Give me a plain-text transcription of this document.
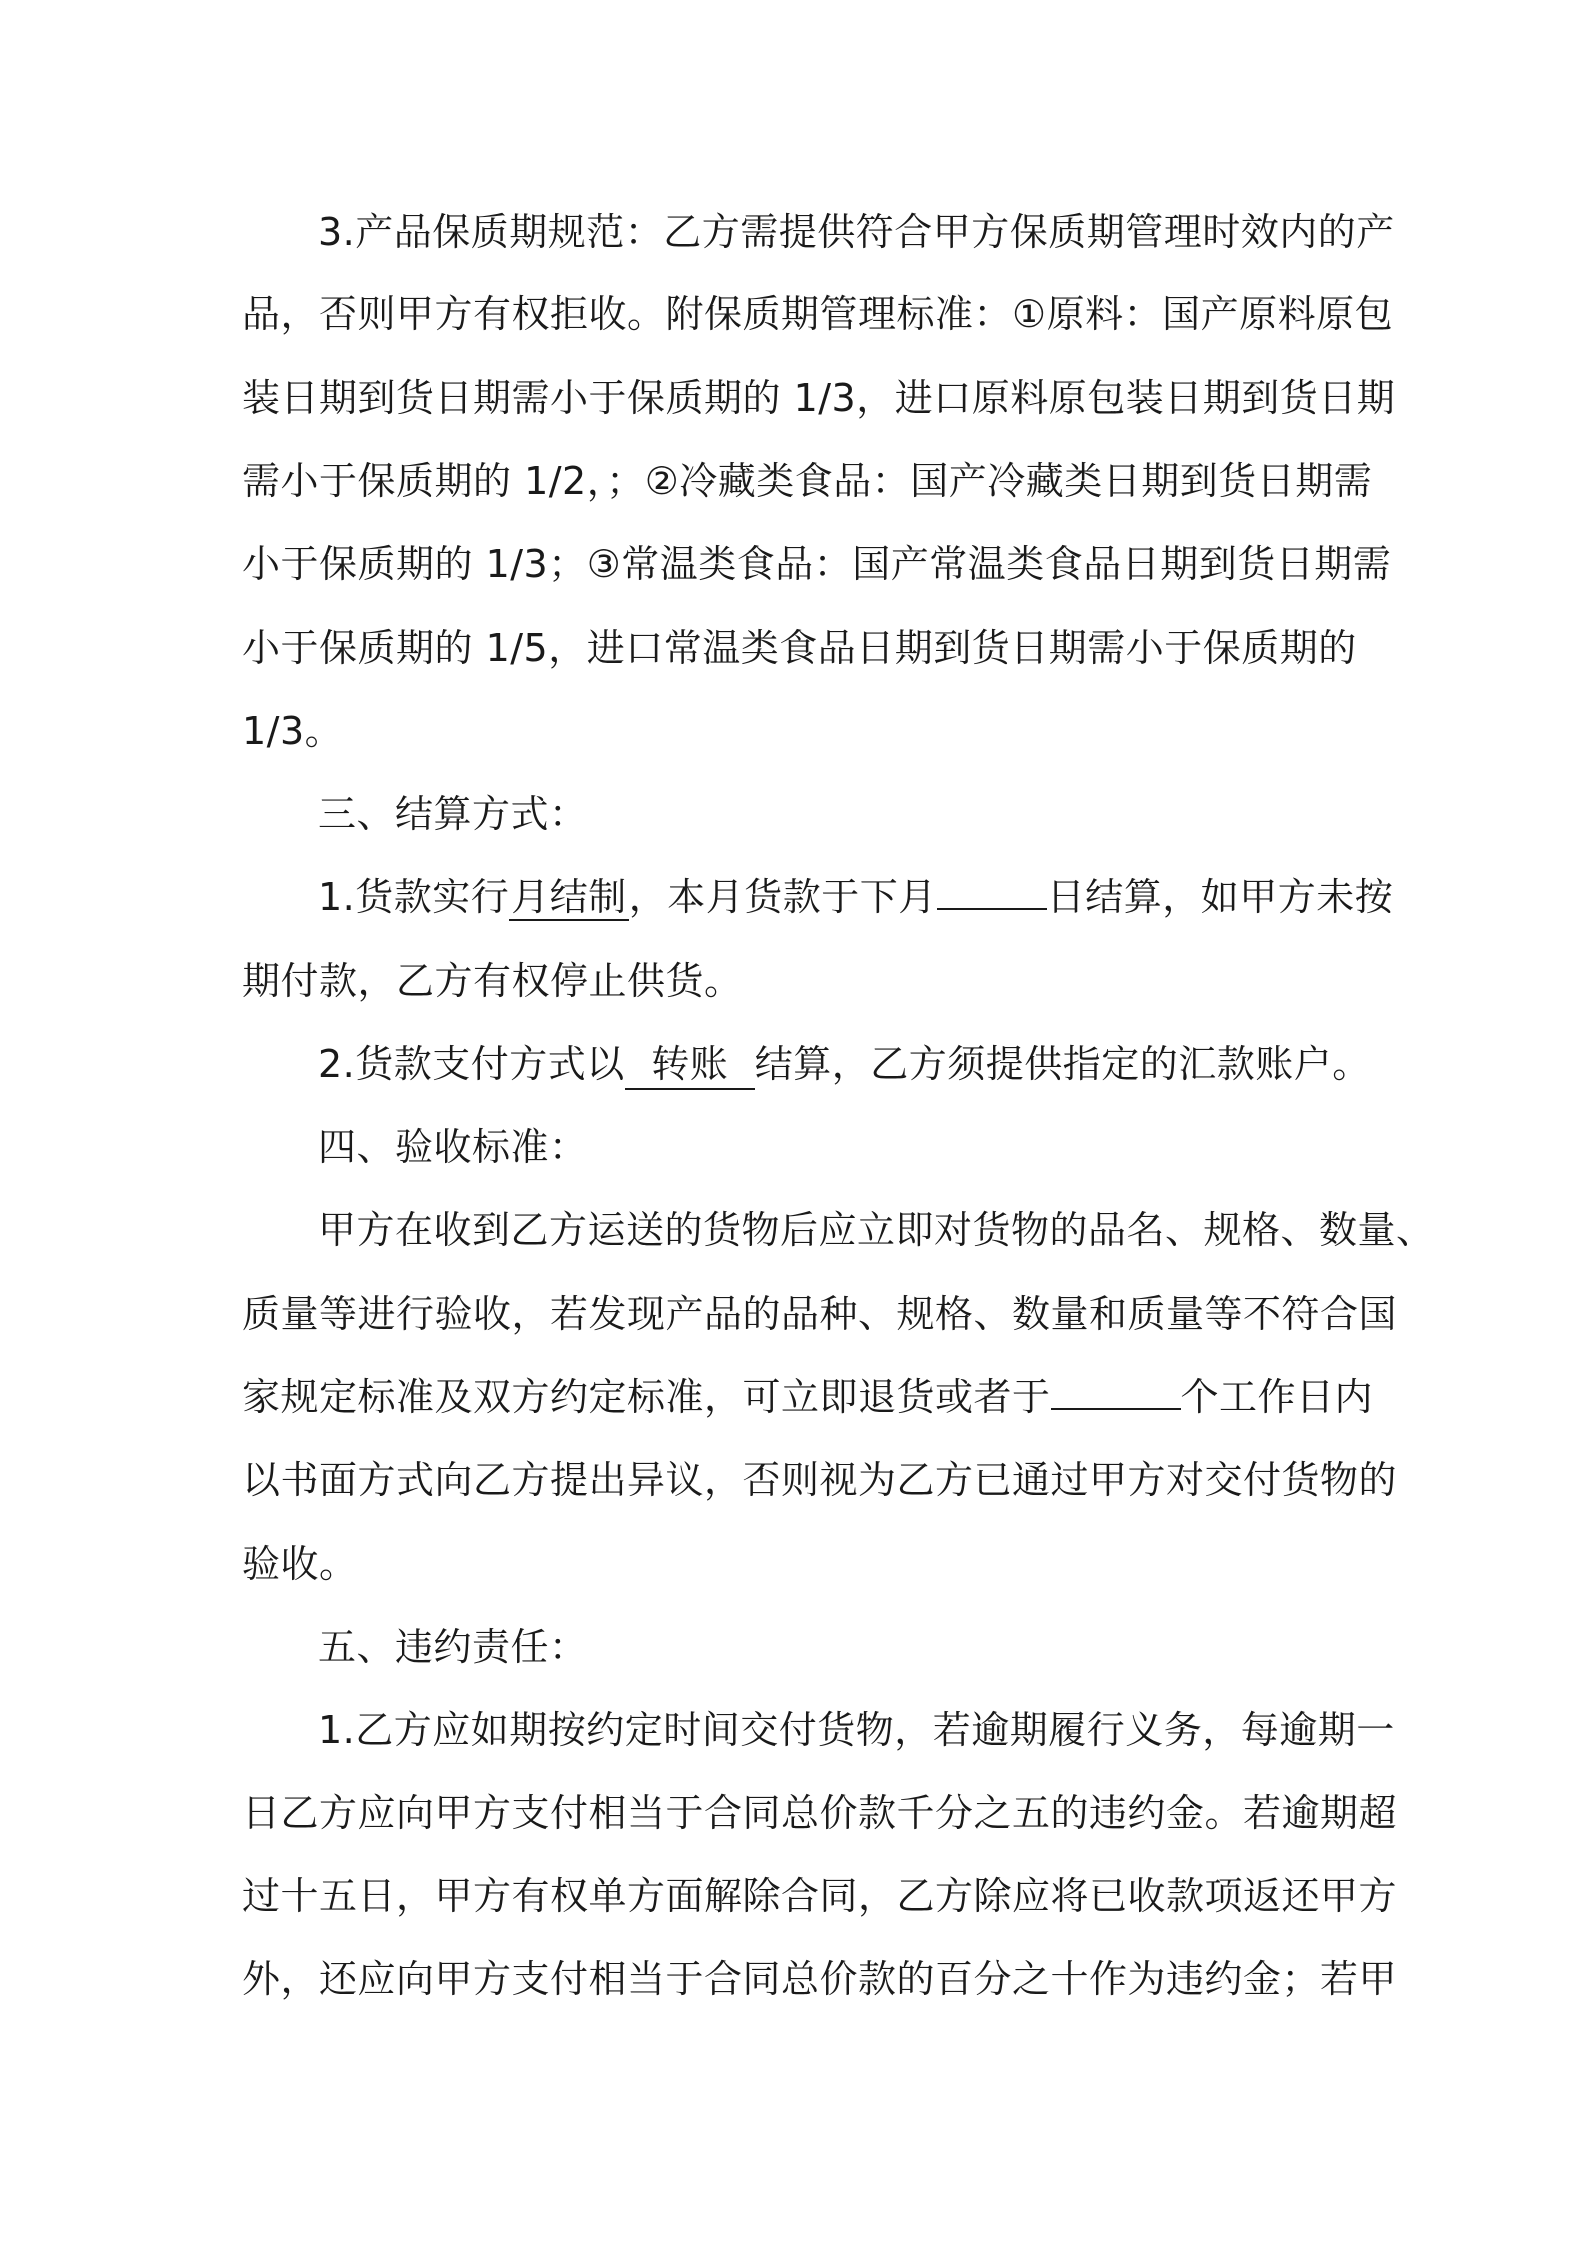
3.产品保质期规范：乙方需提供符合甲方保质期管理时效内的产
品，否则甲方有权拒收。附保质期管理标准：①原料：国产原料原包
装日期到货日期需小于保质期的 1/3，进口原料原包装日期到货日期
需小于保质期的 1/2，；②冷藏类食品：国产冷藏类日期到货日期需
小于保质期的 1/3；③常温类食品：国产常温类食品日期到货日期需
小于保质期的 1/5，进口常温类食品日期到货日期需小于保质期的
1/3。
三、结算方式：
1.货款实行月结制，本月货款于下月	日结算，如甲方未按
期付款，乙方有权停止供货。
2.货款支付方式以 转账 结算，乙方须提供指定的汇款账户。
四、验收标准：
甲方在收到乙方运送的货物后应立即对货物的品名、规格、数量、
质量等进行验收，若发现产品的品种、规格、数量和质量等不符合国
家规定标准及双方约定标准，可立即退货或者于	个工作日内
以书面方式向乙方提出异议，否则视为乙方已通过甲方对交付货物的
验收。
五、违约责任：
1.乙方应如期按约定时间交付货物，若逾期履行义务，每逾期一
日乙方应向甲方支付相当于合同总价款千分之五的违约金。若逾期超
过十五日，甲方有权单方面解除合同，乙方除应将已收款项返还甲方
外，还应向甲方支付相当于合同总价款的百分之十作为违约金；若甲
